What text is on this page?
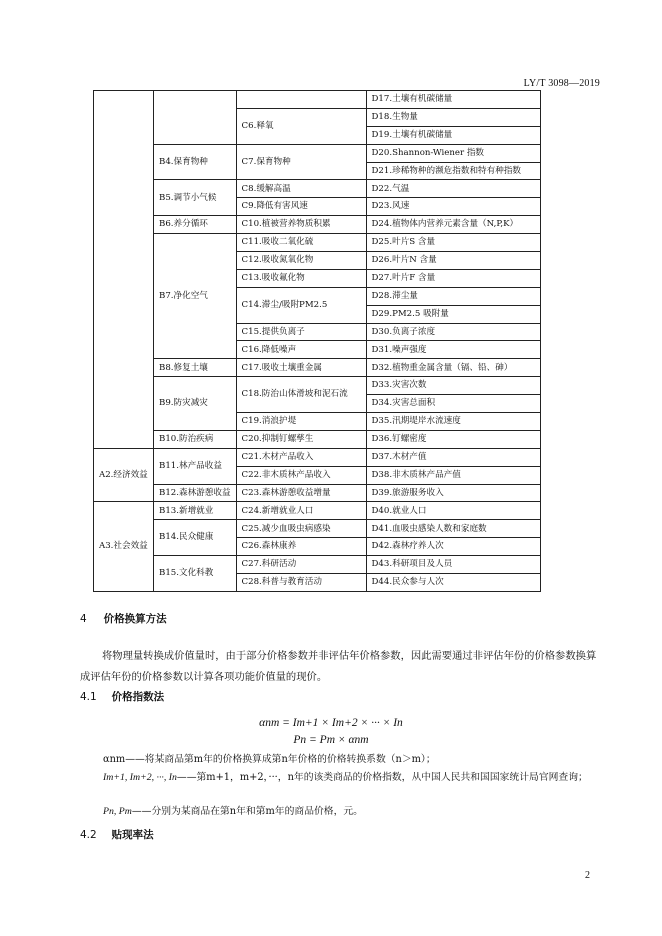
LY/T 3098—2019
			D17.土壤有机碳储量
		C6.释氧	D18.生物量
			D19.土壤有机碳储量
	B4.保育物种	C7.保育物种	D20.Shannon-Wiener 指数
			D21.珍稀物种的濒危指数和特有种指数
	B5.调节小气候	C8.缓解高温	D22.气温
		C9.降低有害风速	D23.风速
	B6.养分循环	C10.植被营养物质积累	D24.植物体内营养元素含量（N,P,K）
	B7.净化空气	C11.吸收二氧化硫	D25.叶片S 含量
		C12.吸收氮氧化物	D26.叶片N 含量
		C13.吸收氟化物	D27.叶片F 含量
		C14.滞尘/吸附PM2.5	D28.滞尘量
			D29.PM2.5 吸附量
		C15.提供负离子	D30.负离子浓度
		C16.降低噪声	D31.噪声强度
	B8.修复土壤	C17.吸收土壤重金属	D32.植物重金属含量（镉、铅、砷）
	B9.防灾减灾	C18.防治山体滑坡和泥石流	D33.灾害次数
			D34.灾害总面积
		C19.消浪护堤	D35.汛期堤岸水流速度
	B10.防治疾病	C20.抑制钉螺孳生	D36.钉螺密度
A2.经济效益	B11.林产品收益	C21.木材产品收入	D37.木材产值
		C22.非木质林产品收入	D38.非木质林产品产值
	B12.森林游憩收益	C23.森林游憩收益增量	D39.旅游服务收入
A3.社会效益	B13.新增就业	C24.新增就业人口	D40.就业人口
	B14.民众健康	C25.减少血吸虫病感染	D41.血吸虫感染人数和家庭数
		C26.森林康养	D42.森林疗养人次
	B15.文化科教	C27.科研活动	D43.科研项目及人员
		C28.科普与教育活动	D44.民众参与人次
4 价格换算方法
将物理量转换成价值量时，由于部分价格参数并非评估年价格参数，因此需要通过非评估年份的价格参数换算成评估年份的价格参数以计算各项功能价值量的现价。
4.1 价格指数法
αnm = Im+1 × Im+2 × ··· × In
Pn = Pm × αnm
αnm——将某商品第m年的价格换算成第n年价格的价格转换系数（n＞m）；
Im+1, Im+2, ···, In——第m+1，m+2，···，n年的该类商品的价格指数，从中国人民共和国国家统计局官网查询；
Pn, Pm——分别为某商品在第n年和第m年的商品价格，元。
4.2 贴现率法
2
